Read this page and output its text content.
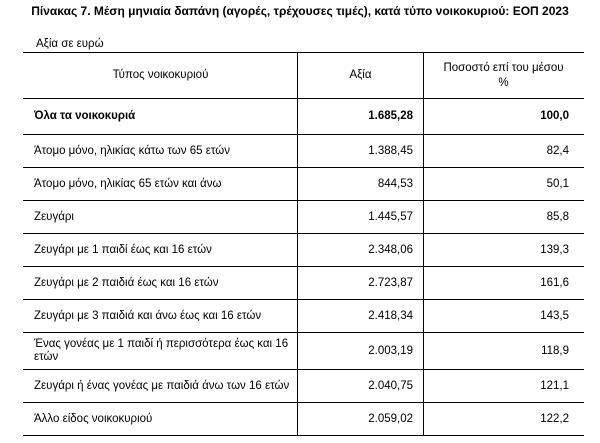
Πίνακας 7. Μέση μηνιαία δαπάνη (αγορές, τρέχουσες τιμές), κατά τύπο νοικοκυριού: ΕΟΠ 2023
Αξία σε ευρώ
Τύπος νοικοκυριού	Αξία	Ποσοστό επί του μέσου
%
Όλα τα νοικοκυριά	1.685,28	100,0
Άτομο μόνο, ηλικίας κάτω των 65 ετών	1.388,45	82,4
Άτομο μόνο, ηλικίας 65 ετών και άνω	844,53	50,1
Ζευγάρι	1.445,57	85,8
Ζευγάρι με 1 παιδί έως και 16 ετών	2.348,06	139,3
Ζευγάρι με 2 παιδιά έως και 16 ετών	2.723,87	161,6
Ζευγάρι με 3 παιδιά και άνω έως και 16 ετών	2.418,34	143,5
Ένας γονέας με 1 παιδί ή περισσότερα έως και 16 ετών	2.003,19	118,9
Ζευγάρι ή ένας γονέας με παιδιά άνω των 16 ετών	2.040,75	121,1
Άλλο είδος νοικοκυριού	2.059,02	122,2
